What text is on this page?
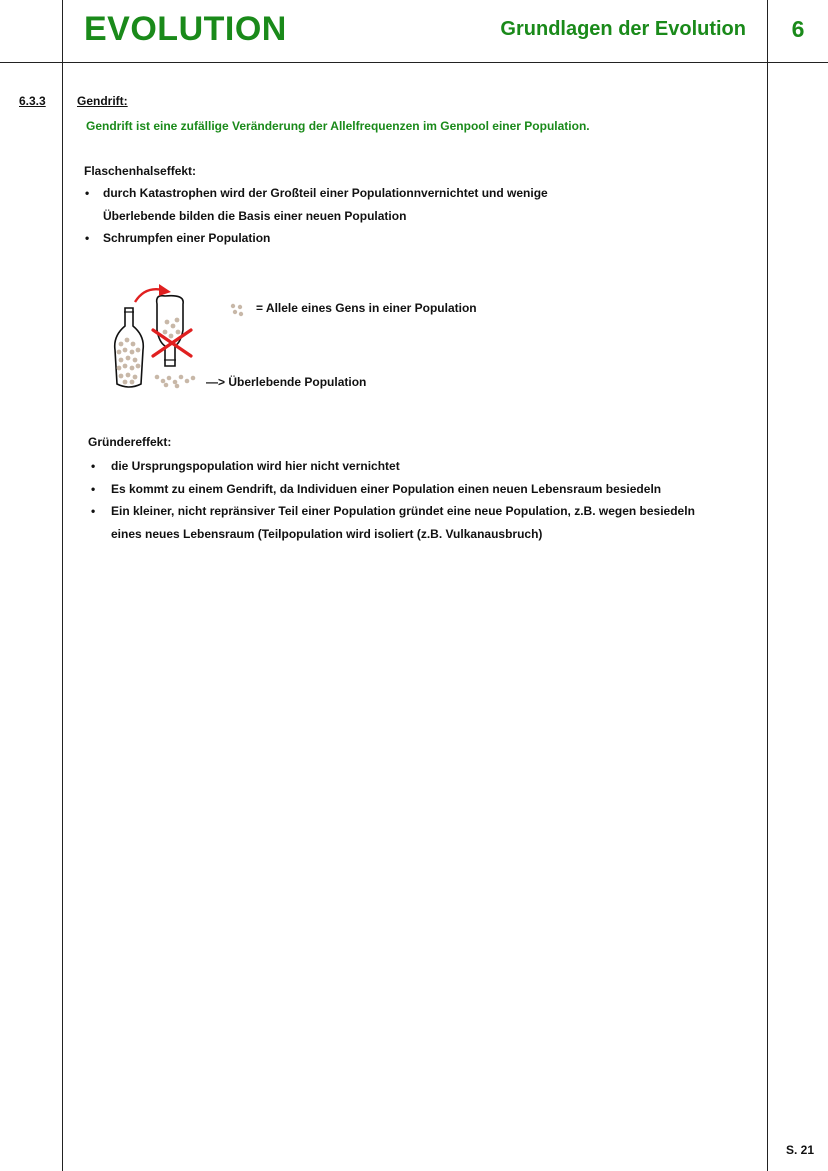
EVOLUTION	Grundlagen der Evolution	6
6.3.3	Gendrift:
Gendrift ist eine zufällige Veränderung der Allelfrequenzen im Genpool einer Population.
Flaschenhalseffekt:
• durch Katastrophen wird der Großteil einer Populationnvernichtet und wenige
Überlebende bilden die Basis einer neuen Population
• Schrumpfen einer Population
= Allele eines Gens in einer Population
—> Überlebende Population
Gründereffekt:
• die Ursprungspopulation wird hier nicht vernichtet
• Es kommt zu einem Gendrift, da Individuen einer Population einen neuen Lebensraum besiedeln
• Ein kleiner, nicht repränsiver Teil einer Population gründet eine neue Population, z.B. wegen besiedeln
eines neues Lebensraum (Teilpopulation wird isoliert (z.B. Vulkanausbruch)
S. 21
